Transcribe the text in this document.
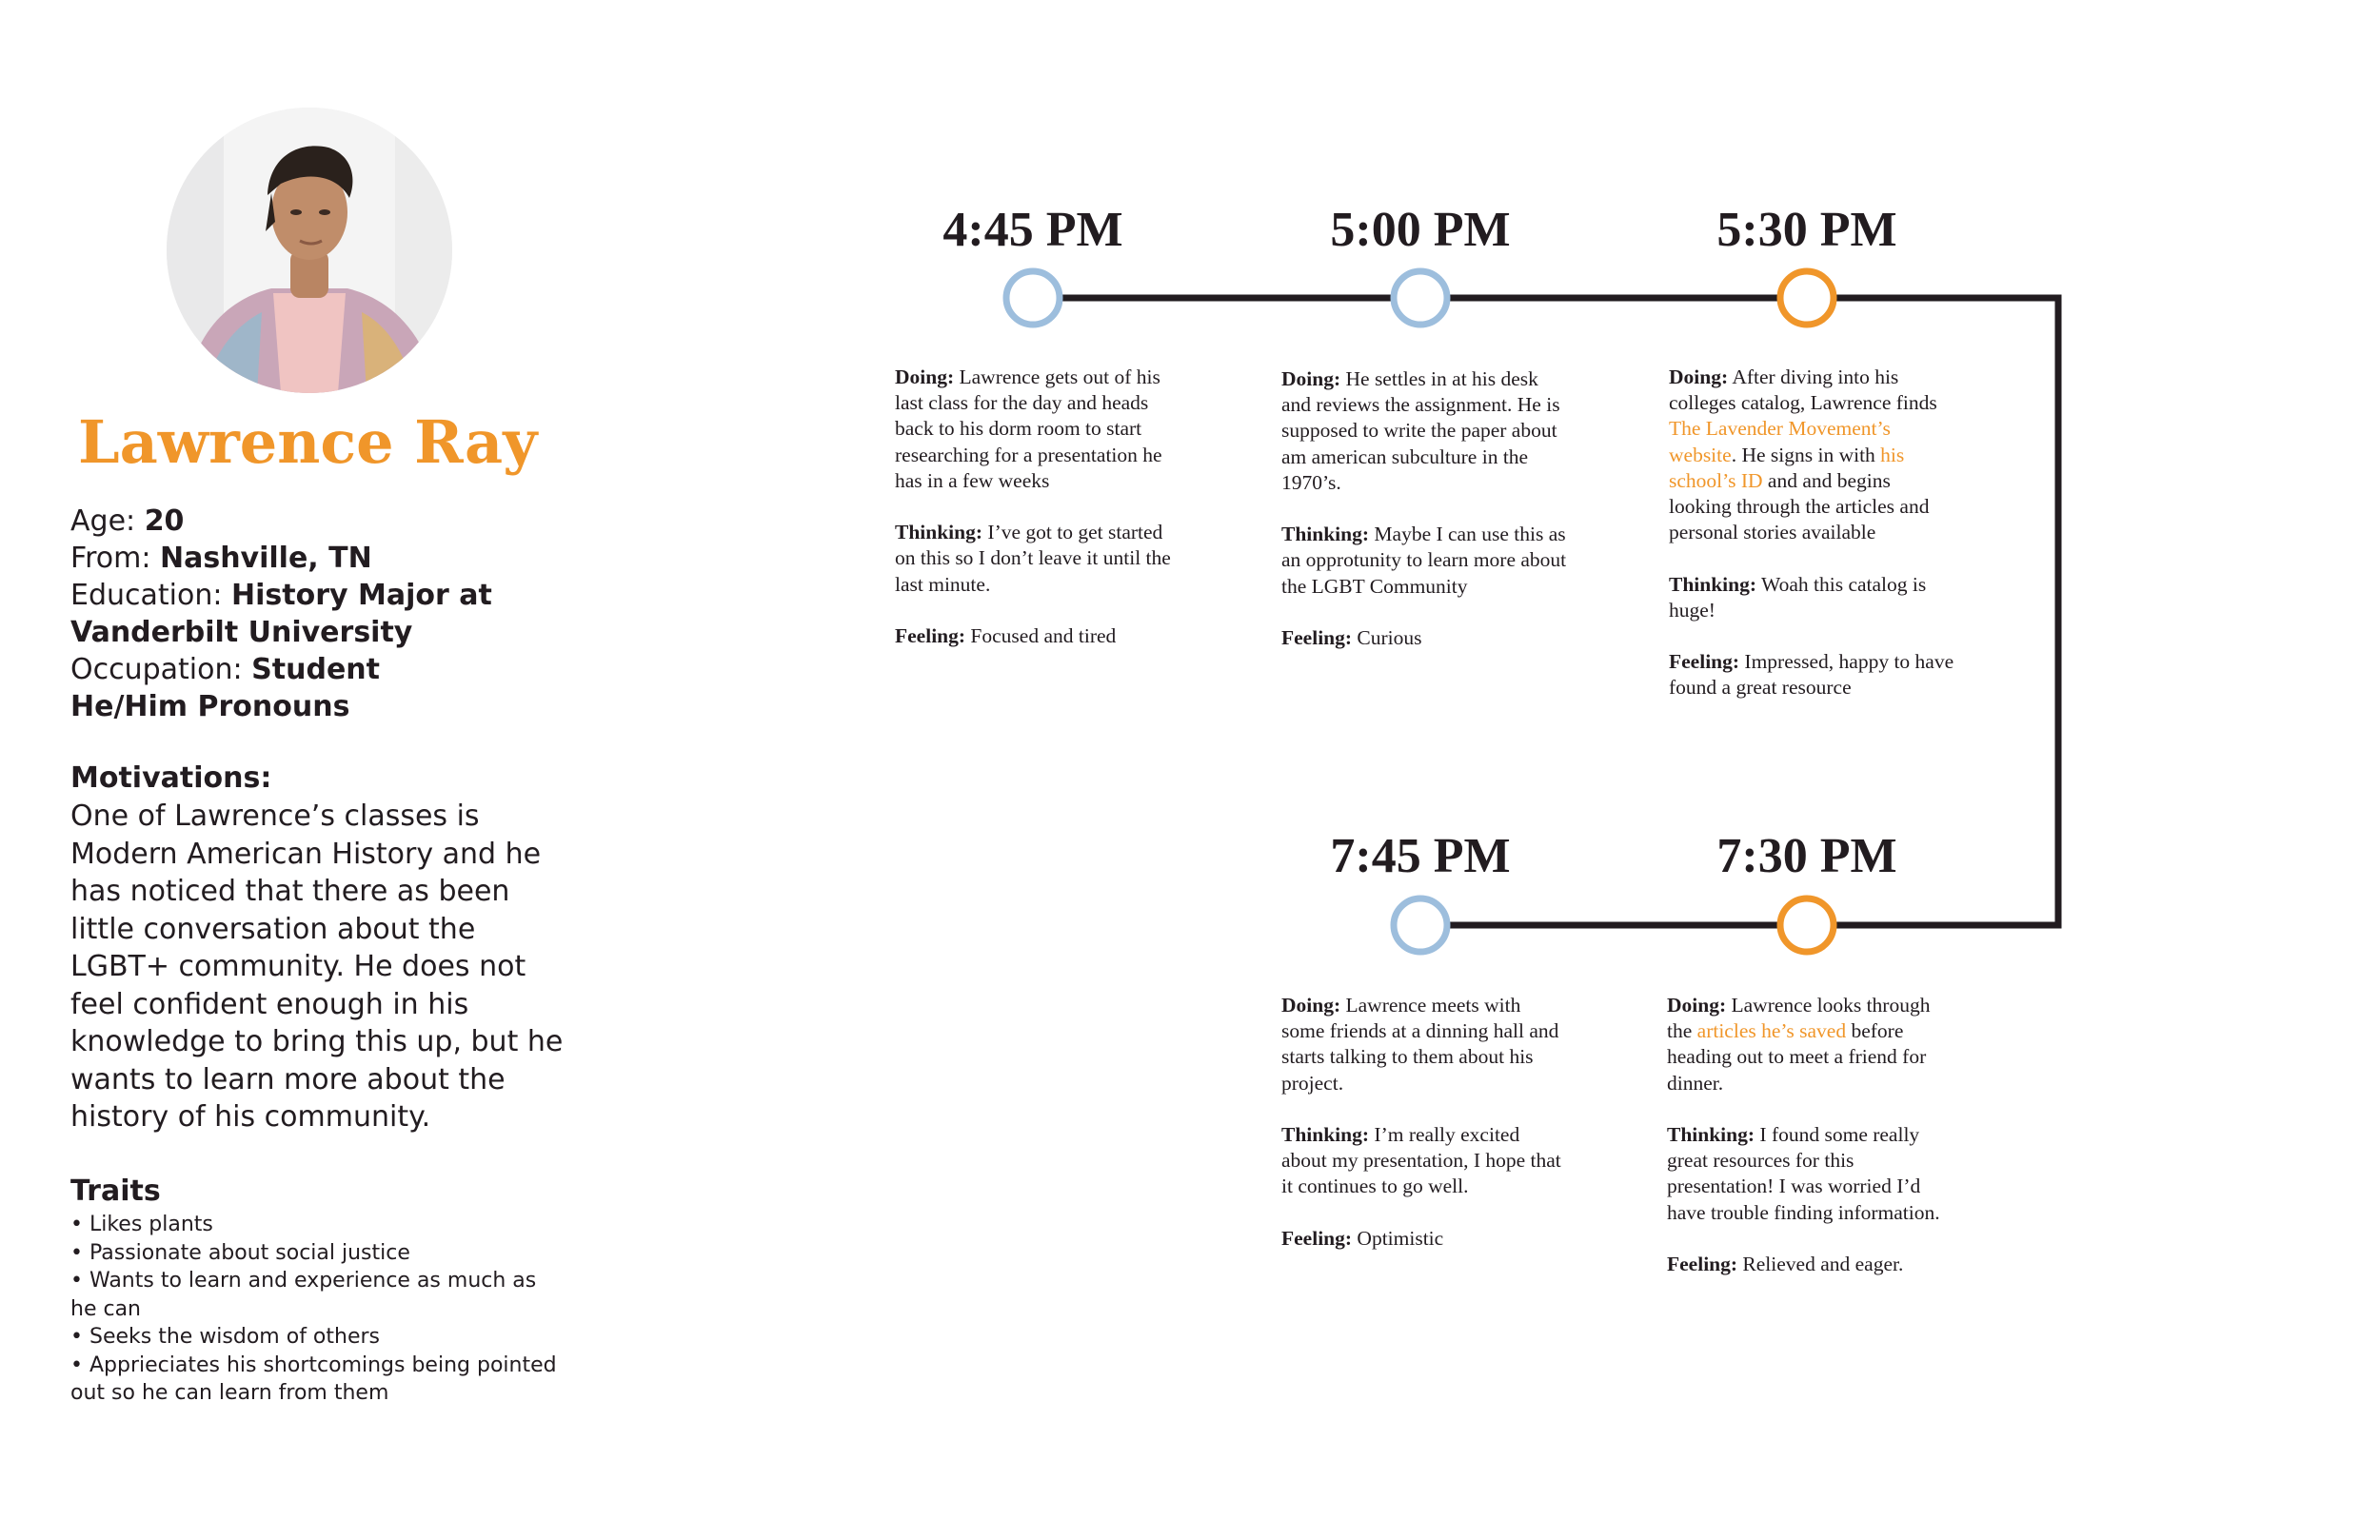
Lawrence Ray
Age: 20
From: Nashville, TN
Education: History Major at Vanderbilt University
Occupation: Student
He/Him Pronouns
Motivations:

One of Lawrence’s classes is Modern American History and he has noticed that there as been little conversation about the LGBT+ community. He does not feel confident enough in his knowledge to bring this up, but he wants to learn more about the history of his community.

Traits
• Likes plants
• Passionate about social justice
• Wants to learn and experience as much as he can
• Seeks the wisdom of others
• Apprieciates his shortcomings being pointed out so he can learn from them
4:45 PM	5:00 PM	5:30 PM
7:45 PM	7:30 PM

Doing: Lawrence gets out of his last class for the day and heads back to his dorm room to start researching for a presentation he has in a few weeks

Thinking: I’ve got to get started on this so I don’t leave it until the last minute.

Feeling: Focused and tired

Doing: He settles in at his desk and reviews the assignment. He is supposed to write the paper about am american subculture in the 1970’s.

Thinking: Maybe I can use this as an opprotunity to learn more about the LGBT Community

Feeling: Curious

Doing: After diving into his colleges catalog, Lawrence finds The Lavender Movement’s website. He signs in with his school’s ID and and begins looking through the articles and personal stories available

Thinking: Woah this catalog is huge!

Feeling: Impressed, happy to have found a great resource

Doing: Lawrence meets with some friends at a dinning hall and starts talking to them about his project.

Thinking: I’m really excited about my presentation, I hope that it continues to go well.

Feeling: Optimistic

Doing: Lawrence looks through the articles he’s saved before heading out to meet a friend for dinner.

Thinking: I found some really great resources for this presentation! I was worried I’d have trouble finding information.

Feeling: Relieved and eager.
